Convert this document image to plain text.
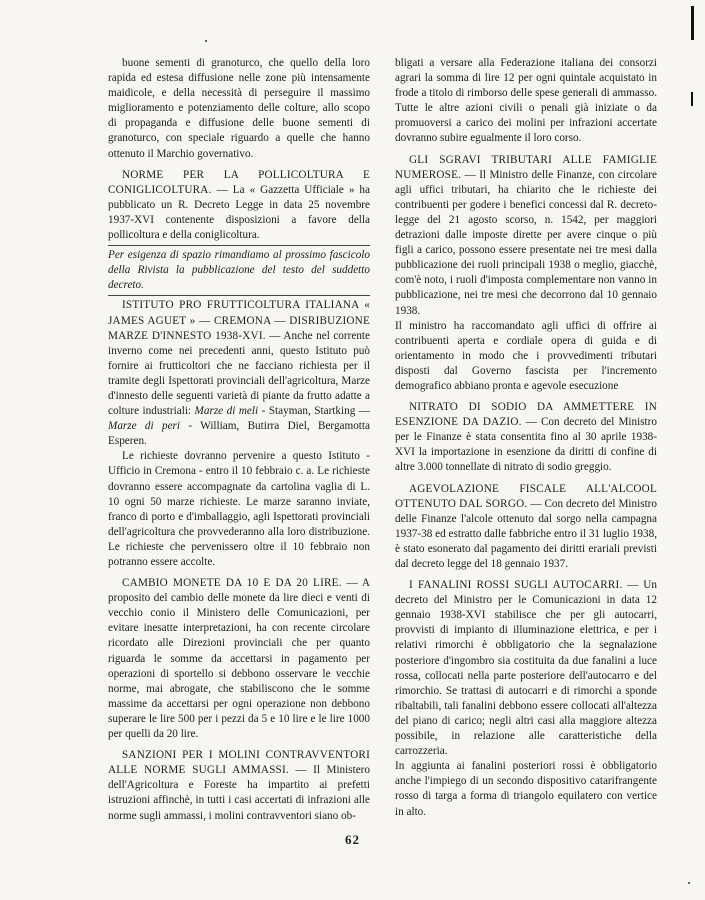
buone sementi di granoturco, che quello della loro rapida ed estesa diffusione nelle zone più intensamente maidicole, e della necessità di perseguire il massimo miglioramento e potenziamento delle colture, allo scopo di propaganda e diffusione delle buone sementi di granoturco, con speciale riguardo a quelle che hanno ottenuto il Marchio governativo.

NORME PER LA POLLICOLTURA E CONIGLICOLTURA. — La « Gazzetta Ufficiale » ha pubblicato un R. Decreto Legge in data 25 novembre 1937-XVI contenente disposizioni a favore della pollicoltura e della coniglicoltura.

Per esigenza di spazio rimandiamo al prossimo fascicolo della Rivista la pubblicazione del testo del suddetto decreto.

ISTITUTO PRO FRUTTICOLTURA ITALIANA « JAMES AGUET » — CREMONA — DISRIBUZIONE MARZE D'INNESTO 1938-XVI. — Anche nel corrente inverno come nei precedenti anni, questo Istituto può fornire ai frutticoltori che ne facciano richiesta per il tramite degli Ispettorati provinciali dell'agricoltura, Marze d'innesto delle seguenti varietà di piante da frutto adatte a colture industriali: Marze di meli - Stayman, Startking — Marze di peri - William, Butirra Diel, Bergamotta Esperen.

Le richieste dovranno pervenire a questo Istituto - Ufficio in Cremona - entro il 10 febbraio c. a. Le richieste dovranno essere accompagnate da cartolina vaglia di L. 10 ogni 50 marze richieste. Le marze saranno inviate, franco di porto e d'imballaggio, agli Ispettorati provinciali dell'agricoltura che provvederanno alla loro distribuzione. Le richieste che pervenissero oltre il 10 febbraio non potranno essere accolte.

CAMBIO MONETE DA 10 E DA 20 LIRE. — A proposito del cambio delle monete da lire dieci e venti di vecchio conio il Ministero delle Comunicazioni, per evitare inesatte interpretazioni, ha con recente circolare ricordato alle Direzioni provinciali che per quanto riguarda le somme da accettarsi in pagamento per operazioni di sportello si debbono osservare le vecchie norme, mai abrogate, che stabiliscono che le somme massime da accettarsi per ogni operazione non debbono superare le lire 500 per i pezzi da 5 e 10 lire e le lire 1000 per quelli da 20 lire.

SANZIONI PER I MOLINI CONTRAVVENTORI ALLE NORME SUGLI AMMASSI. — Il Ministero dell'Agricoltura e Foreste ha impartito ai prefetti istruzioni affinchè, in tutti i casi accertati di infrazioni alle norme sugli ammassi, i molini contravventori siano ob-

bligati a versare alla Federazione italiana dei consorzi agrari la somma di lire 12 per ogni quintale acquistato in frode a titolo di rimborso delle spese generali di ammasso. Tutte le altre azioni civili o penali già iniziate o da promuoversi a carico dei molini per infrazioni accertate dovranno subire egualmente il loro corso.

GLI SGRAVI TRIBUTARI ALLE FAMIGLIE NUMEROSE. — Il Ministro delle Finanze, con circolare agli uffici tributari, ha chiarito che le richieste dei contribuenti per godere i benefici concessi dal R. decreto-legge del 21 agosto scorso, n. 1542, per maggiori detrazioni dalle imposte dirette per avere cinque o più figli a carico, possono essere presentate nei tre mesi dalla pubblicazione dei ruoli principali 1938 o meglio, giacchè, com'è noto, i ruoli d'imposta complementare non vanno in pubblicazione, nei tre mesi che decorrono dal 10 gennaio 1938.

Il ministro ha raccomandato agli uffici di offrire ai contribuenti aperta e cordiale opera di guida e di orientamento in modo che i provvedimenti tributari disposti dal Governo fascista per l'incremento demografico abbiano pronta e agevole esecuzione

NITRATO DI SODIO DA AMMETTERE IN ESENZIONE DA DAZIO. — Con decreto del Ministro per le Finanze è stata consentita fino al 30 aprile 1938-XVI la importazione in esenzione da diritti di confine di altre 3.000 tonnellate di nitrato di sodio greggio.

AGEVOLAZIONE FISCALE ALL'ALCOOL OTTENUTO DAL SORGO. — Con decreto del Ministro delle Finanze l'alcole ottenuto dal sorgo nella campagna 1937-38 ed estratto dalle fabbriche entro il 31 luglio 1938, è stato esonerato dal pagamento dei diritti erariali previsti dal decreto legge del 18 gennaio 1937.

I FANALINI ROSSI SUGLI AUTOCARRI. — Un decreto del Ministro per le Comunicazioni in data 12 gennaio 1938-XVI stabilisce che per gli autocarri, provvisti di impianto di illuminazione elettrica, e per i relativi rimorchi è obbligatorio che la segnalazione posteriore d'ingombro sia costituita da due fanalini a luce rossa, collocati nella parte posteriore dell'autocarro e del rimorchio. Se trattasi di autocarri e di rimorchi a sponde ribaltabili, tali fanalini debbono essere collocati all'altezza del piano di carico; negli altri casi alla maggiore altezza possibile, in relazione alle caratteristiche della carrozzeria.

In aggiunta ai fanalini posteriori rossi è obbligatorio anche l'impiego di un secondo dispositivo catarifrangente rosso di targa a forma di triangolo equilatero con vertice in alto.

62
